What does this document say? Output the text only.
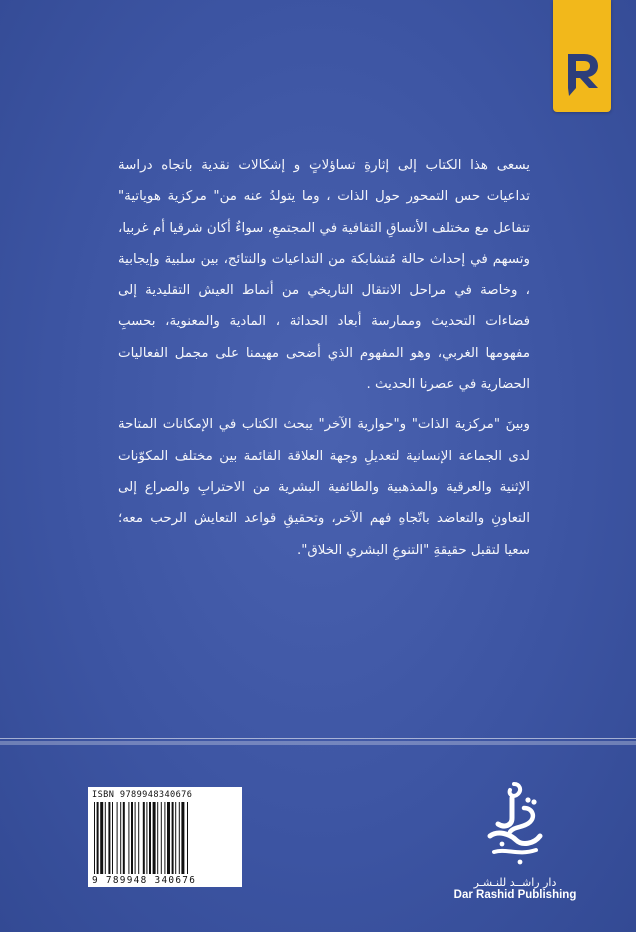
يسعى هذا الكتاب إلى إثارةِ تساؤلاتٍ و إشكالات نقدية باتجاه دراسة تداعيات حس التمحور حول الذات ، وما يتولدُ عنه من" مركزية هوياتية" تتفاعل مع مختلف الأنساقِ الثقافية في المجتمعِ، سواءٌ أكان شرقيا أم غربيا، وتسهم في إحداث حالة مُتشابكة من التداعيات والنتائج، بين سلبية وإيجابية ، وخاصة في مراحل الانتقال التاريخي من أنماط العيش التقليدية إلى فضاءات التحديث وممارسة أبعاد الحداثة ، المادية والمعنوية، بحسبِ مفهومها الغربي، وهو المفهوم الذي أضحى مهيمنا على مجمل الفعاليات الحضارية في عصرنا الحديث .

وبينَ "مركزية الذات" و"حوارية الآخر" يبحث الكتاب في الإمكانات المتاحة لدى الجماعة الإنسانية لتعديلِ وجهة العلاقة القائمة بين مختلف المكوّنات الإثنية والعرقية والمذهبية والطائفية البشرية من الاحترابِ والصراع إلى التعاونِ والتعاضد باتّجاهِ فهم الآخر، وتحقيقِ قواعد التعايش الرحب معه؛ سعيا لتقبل حقيقةِ "التنوعِ البشري الخلاق".

ISBN 9789948340676
9 789948 340676	دار راشــد للنـشـر
Dar Rashid Publishing
